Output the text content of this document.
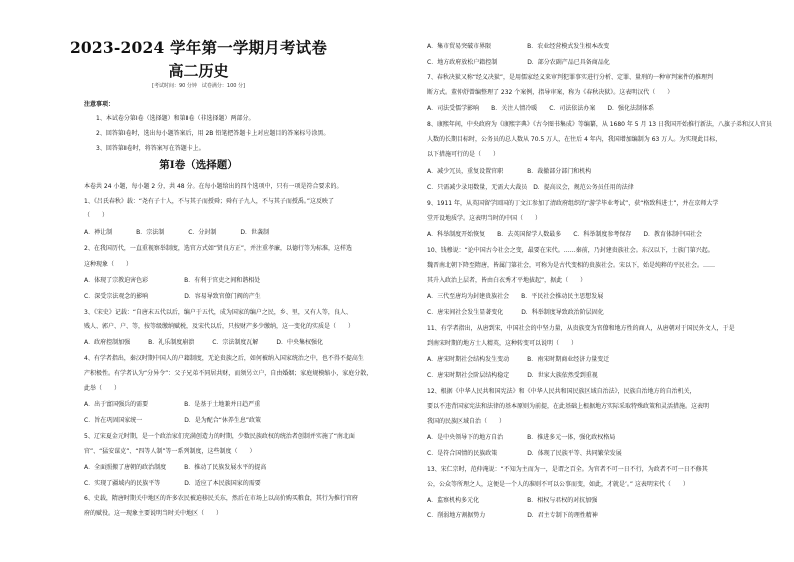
2023-2024 学年第一学期月考试卷
高二历史
[考试时间：90 分钟　试卷满分：100 分]
注意事项：
1、本试卷分第Ⅰ卷（选择题）和第Ⅱ卷（非选择题）两部分。
2、回答第Ⅰ卷时，选出每小题答案后，用 2B 铅笔把答题卡上对应题目的答案标号涂黑。
3、回答第Ⅱ卷时，将答案写在答题卡上。
第Ⅰ卷（选择题）
本卷共 24 小题，每小题 2 分，共 48 分。在每小题给出的四个选项中，只有一项是符合要求的。
1、《吕氏春秋》载：“尧有子十人，不与其子而授舜；舜有子九人，不与其子而授禹。”这反映了
（　　）
A．禅让制　　　　B．宗法制　　　　C．分封制　　　　D．世袭制
2、在我国历代，一直重视察举制度，选官方式如“贤良方正”，并注重孝廉，以德行等为标准，这样选
这种现象（　　）
A．体现了宗教迫害色彩　　　　　　B．有利于官吏之间和谐相处
C．深受宗法观念的影响　　　　　　D．容易导致官僚门阀的产生
3、《宋史》记载：“自唐末五代以后，编户于五代，成为国家的编户之民，乡、里，又有人等，良人、
贱人、郭户、户、等，按等级缴纳赋税，及宋代以后，只按财产多少缴纳，这一变化的实质是（　　）
A．政府控制加强　　　B．礼乐制度崩溃　　　C．宗法制度瓦解　　　D．中央集权强化
4、有学者指出，秦汉时期中国人的户籍制度，无论贵族之后，如何被纳入国家统治之中，也不得不提高生
产积极性。有学者认为“分异令”：父子兄弟不同居共财，而须另立户，自由婚姻；家庭规模缩小，家庭分散，
此举（　　）
A．出于富国强兵的需要　　　　　　B．是基于土地兼并日趋严重
C．旨在巩固国家统一　　　　　　　D．是为配合“休养生息”政策
5、辽宋夏金元时期，是一个政治家们充满创造力的时期，少数民族政权的统治者创制并实施了“南北面
官”、“猛安谋克”、“四等人制”等一系列制度，这些制度（　　）
A．全面照搬了唐朝的政治制度　　　B．推动了民族发展水平的提高
C．实现了疆域内的民族平等　　　　D．适应了本民族国家的需要
6、史载，隋唐时期关中地区的许多农民被迫移民关东，然后在市场上以高价购买粮食，其行为推行官府
府的赋役。这一现象主要说明当时关中地区（　　）
A．集市贸易突破市界限　　　　　　B．农业经营模式发生根本改变
C．地方政府放松户籍控制　　　　　D．部分农副产品已具备商品化
7、春秋决狱又称“经义决狱”，是用儒家经义来审判犯罪事实进行分析、定罪、量刑的一种审判案件的推理判
断方式。董仲舒曾编整理了 232 个案例，指导审案，称为《春秋决狱》。这表明汉代（　　）
A．司法受儒学影响　　B．关注人情冷暖　　C．司法依法办案　　D．强化法制体系
8、康熙年间，中央政府为《康熙字典》《古今图书集成》等编纂，从 1680 年 5 月 13 日我国开始推行新法，八旗子弟和汉人官员
人数的长期目标时，公务员的总人数从 70.5 万人，在往后 4 年内，我国增加编制为 63 万人。为实现此目标，
以下措施可行的是（　　）
A．减少冗员，重复设置官职　　　　B．裁撤部分部门和机构
C．只需减少录用数量，无需大大裁员　D．提高议会，规范公务员任用的法律
9、1911 年，从英国留学回国的丁文江参加了清政府组织的“游学毕业考试”，获“格致科进士”，并在京师大学
堂开设地质学。这表明当时的中国（　　）
A．科举制度开始恢复　　B．去英国留学人数最多　　C．科举制度参考保存　　D．教育体制中国社会
10、钱穆说：“论中国古今社会之变，最要在宋代。……秦前，乃封建贵族社会。东汉以下，士族门第兴起。
魏晋南北朝下降至隋唐，皆属门第社会，可称为是古代变相的贵族社会。宋以下，始是纯粹的平民社会。……
其升入政治上层者，皆由白衣秀才平地拔起”，据此（　　）
A．三代至唐均为封建贵族社会　　B．平民社会推动民主思想发展
C．唐宋间社会发生显著变化　　　D．科举制度导致政治阶层固化
11、有学者指出，从唐到宋，中国社会的中坚力量，从贵族变为官僚和地方性的商人，从唐朝对于国民外文人，于是
到南宋时期的地方士人精英，这种转变可以说明（　　）
A．唐宋时期社会结构发生变动　　　B．南宋时期商业经济力量变迁
C．唐宋时期社会阶层结构稳定　　　D．世家大族依然受到重视
12、根据《中华人民共和国宪法》和《中华人民共和国民族区域自治法》，民族自治地方的自治机关，
要以不违背国家宪法和法律的基本原则为前提，在此基础上根据地方实际采取特殊政策和灵活措施。这表明
我国的民族区域自治（　　）
A．是中央领导下的地方自治　　　　B．推进多元一体，强化政权格局
C．是符合国情的民族政策　　　　　D．体现了民族平等、共同繁荣发展
13、宋仁宗时，范仲淹说：“不知为主而为一，是谓之百全。为官者不可一日不行，为政者不可一日不修其
公，公众等所理之人，这便是一个人的准则不可以公事而变，如此，才就是’。” 这表明宋代（　　）
A．监察机构多元化　　　　　　　　B．相权与君权的对抗加强
C．削弱地方割据势力　　　　　　　D．君主专制下的理性精神
